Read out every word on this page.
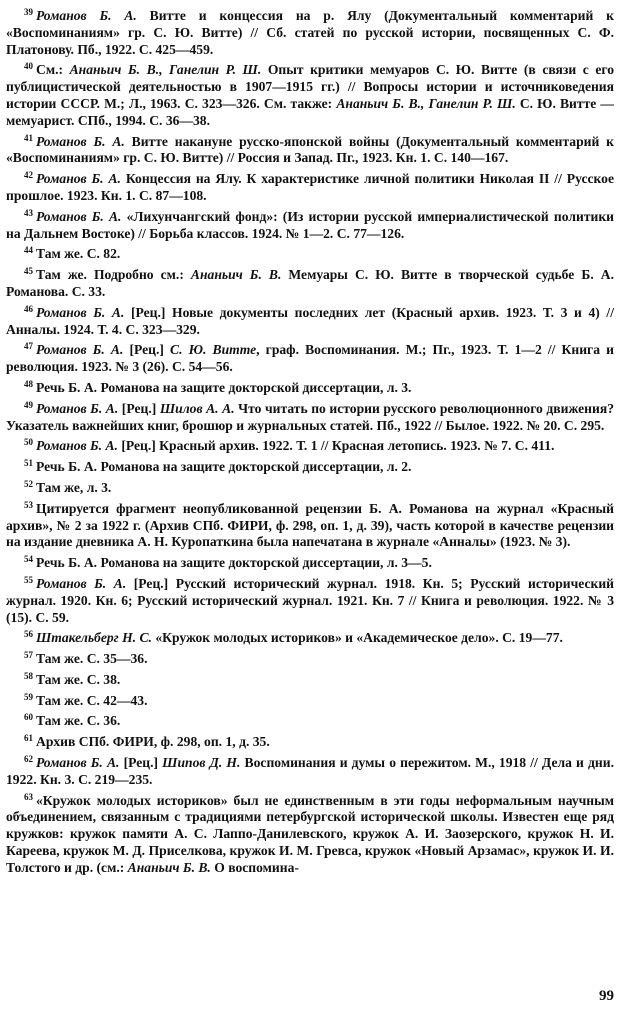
$^{39}$ Романов Б. А. Витте и концессия на р. Ялу (Документальный комментарий к «Воспоминаниям» гр. С. Ю. Витте) // Сб. статей по русской истории, посвященных С. Ф. Платонову. Пб., 1922. С. 425—459.

$^{40}$ См.: Ананьич Б. В., Ганелин Р. Ш. Опыт критики мемуаров С. Ю. Витте (в связи с его публицистической деятельностью в 1907—1915 гг.) // Вопросы истории и источниковедения истории СССР. М.; Л., 1963. С. 323—326. См. также: Ананьич Б. В., Ганелин Р. Ш. С. Ю. Витте — мемуарист. СПб., 1994. С. 36—38.

$^{41}$ Романов Б. А. Витте накануне русско-японской войны (Документальный комментарий к «Воспоминаниям» гр. С. Ю. Витте) // Россия и Запад. Пг., 1923. Кн. 1. С. 140—167.

$^{42}$ Романов Б. А. Концессия на Ялу. К характеристике личной политики Николая II // Русское прошлое. 1923. Кн. 1. С. 87—108.

$^{43}$ Романов Б. А. «Лихунчангский фонд»: (Из истории русской империалистической политики на Дальнем Востоке) // Борьба классов. 1924. № 1—2. С. 77—126.

$^{44}$ Там же. С. 82.

$^{45}$ Там же. Подробно см.: Ананьич Б. В. Мемуары С. Ю. Витте в творческой судьбе Б. А. Романова. С. 33.

$^{46}$ Романов Б. А. [Рец.] Новые документы последних лет (Красный архив. 1923. Т. 3 и 4) // Анналы. 1924. Т. 4. С. 323—329.

$^{47}$ Романов Б. А. [Рец.] С. Ю. Витте, граф. Воспоминания. М.; Пг., 1923. Т. 1—2 // Книга и революция. 1923. № 3 (26). С. 54—56.

$^{48}$ Речь Б. А. Романова на защите докторской диссертации, л. 3.

$^{49}$ Романов Б. А. [Рец.] Шилов А. А. Что читать по истории русского революционного движения? Указатель важнейших книг, брошюр и журнальных статей. Пб., 1922 // Былое. 1922. № 20. С. 295.

$^{50}$ Романов Б. А. [Рец.] Красный архив. 1922. Т. 1 // Красная летопись. 1923. № 7. С. 411.

$^{51}$ Речь Б. А. Романова на защите докторской диссертации, л. 2.

$^{52}$ Там же, л. 3.

$^{53}$ Цитируется фрагмент неопубликованной рецензии Б. А. Романова на журнал «Красный архив», № 2 за 1922 г. (Архив СПб. ФИРИ, ф. 298, оп. 1, д. 39), часть которой в качестве рецензии на издание дневника А. Н. Куропаткина была напечатана в журнале «Анналы» (1923. № 3).

$^{54}$ Речь Б. А. Романова на защите докторской диссертации, л. 3—5.

$^{55}$ Романов Б. А. [Рец.] Русский исторический журнал. 1918. Кн. 5; Русский исторический журнал. 1920. Кн. 6; Русский исторический журнал. 1921. Кн. 7 // Книга и революция. 1922. № 3 (15). С. 59.

$^{56}$ Штакельберг Н. С. «Кружок молодых историков» и «Академическое дело». С. 19—77.

$^{57}$ Там же. С. 35—36.

$^{58}$ Там же. С. 38.

$^{59}$ Там же. С. 42—43.

$^{60}$ Там же. С. 36.

$^{61}$ Архив СПб. ФИРИ, ф. 298, оп. 1, д. 35.

$^{62}$ Романов Б. А. [Рец.] Шипов Д. Н. Воспоминания и думы о пережитом. М., 1918 // Дела и дни. 1922. Кн. 3. С. 219—235.

$^{63}$ «Кружок молодых историков» был не единственным в эти годы неформальным научным объединением, связанным с традициями петербургской исторической школы. Известен еще ряд кружков: кружок памяти А. С. Лаппо-Данилевского, кружок А. И. Заозерского, кружок Н. И. Кареева, кружок М. Д. Приселкова, кружок И. М. Гревса, кружок «Новый Арзамас», кружок И. И. Толстого и др. (см.: Ананьич Б. В. О воспомина-

99
